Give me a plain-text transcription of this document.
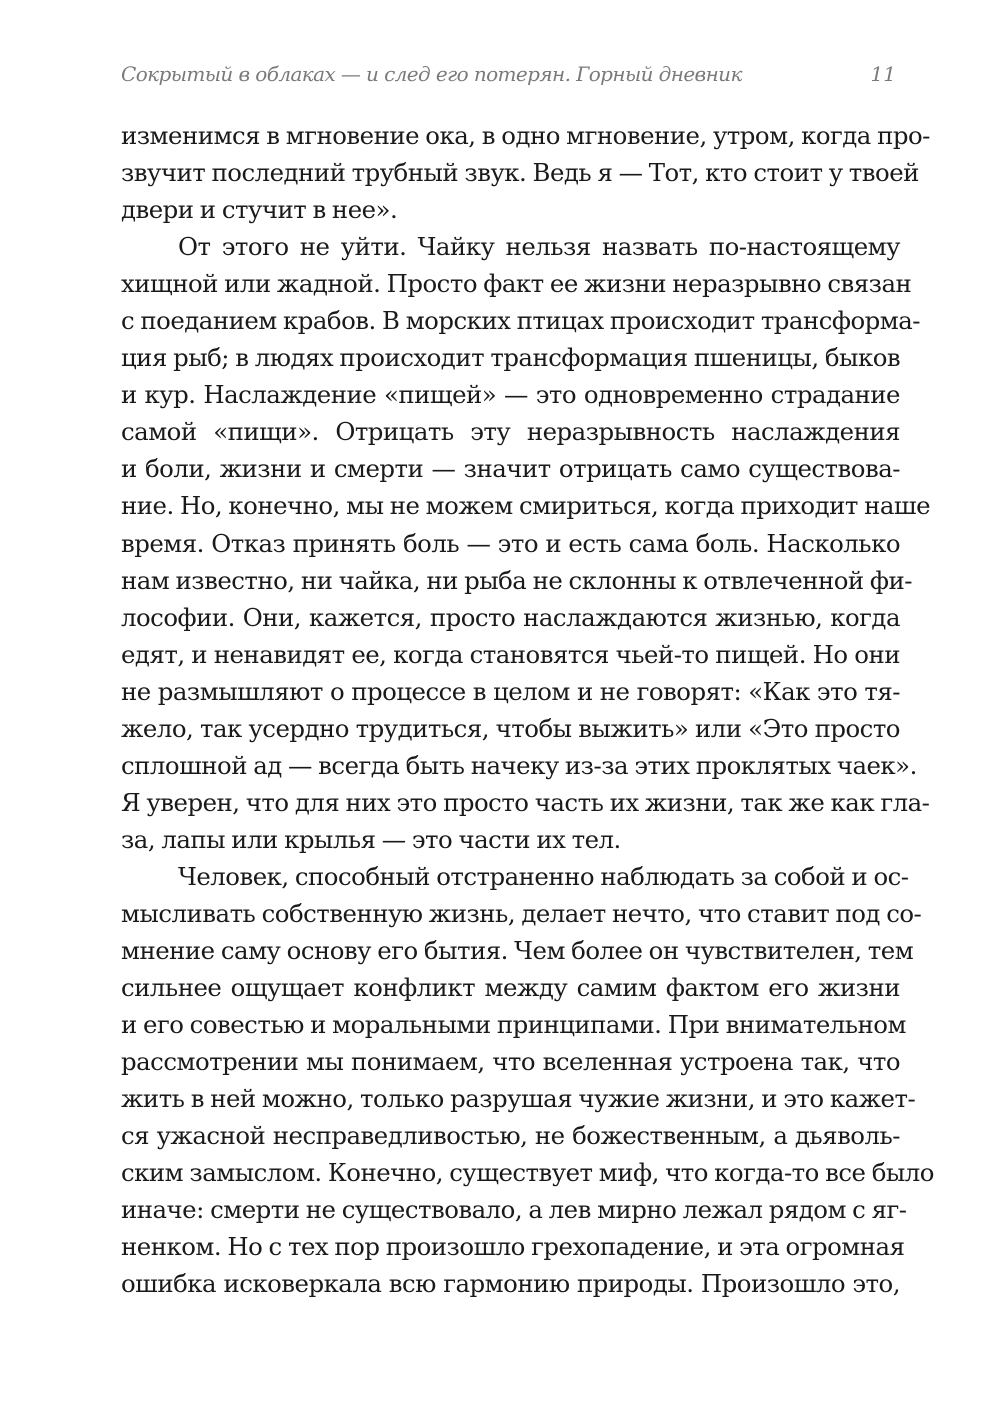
Сокрытый в облаках — и след его потерян. Горный дневник	11
изменимся в мгновение ока, в одно мгновение, утром, когда про-
звучит последний трубный звук. Ведь я — Тот, кто стоит у твоей
двери и стучит в нее».
От этого не уйти. Чайку нельзя назвать по-настоящему
хищной или жадной. Просто факт ее жизни неразрывно связан
с поеданием крабов. В морских птицах происходит трансформа-
ция рыб; в людях происходит трансформация пшеницы, быков
и кур. Наслаждение «пищей» — это одновременно страдание
самой «пищи». Отрицать эту неразрывность наслаждения
и боли, жизни и смерти — значит отрицать само существова-
ние. Но, конечно, мы не можем смириться, когда приходит наше
время. Отказ принять боль — это и есть сама боль. Насколько
нам известно, ни чайка, ни рыба не склонны к отвлеченной фи-
лософии. Они, кажется, просто наслаждаются жизнью, когда
едят, и ненавидят ее, когда становятся чьей-то пищей. Но они
не размышляют о процессе в целом и не говорят: «Как это тя-
жело, так усердно трудиться, чтобы выжить» или «Это просто
сплошной ад — всегда быть начеку из-за этих проклятых чаек».
Я уверен, что для них это просто часть их жизни, так же как гла-
за, лапы или крылья — это части их тел.
Человек, способный отстраненно наблюдать за собой и ос-
мысливать собственную жизнь, делает нечто, что ставит под со-
мнение саму основу его бытия. Чем более он чувствителен, тем
сильнее ощущает конфликт между самим фактом его жизни
и его совестью и моральными принципами. При внимательном
рассмотрении мы понимаем, что вселенная устроена так, что
жить в ней можно, только разрушая чужие жизни, и это кажет-
ся ужасной несправедливостью, не божественным, а дьяволь-
ским замыслом. Конечно, существует миф, что когда-то все было
иначе: смерти не существовало, а лев мирно лежал рядом с яг-
ненком. Но с тех пор произошло грехопадение, и эта огромная
ошибка исковеркала всю гармонию природы. Произошло это,
